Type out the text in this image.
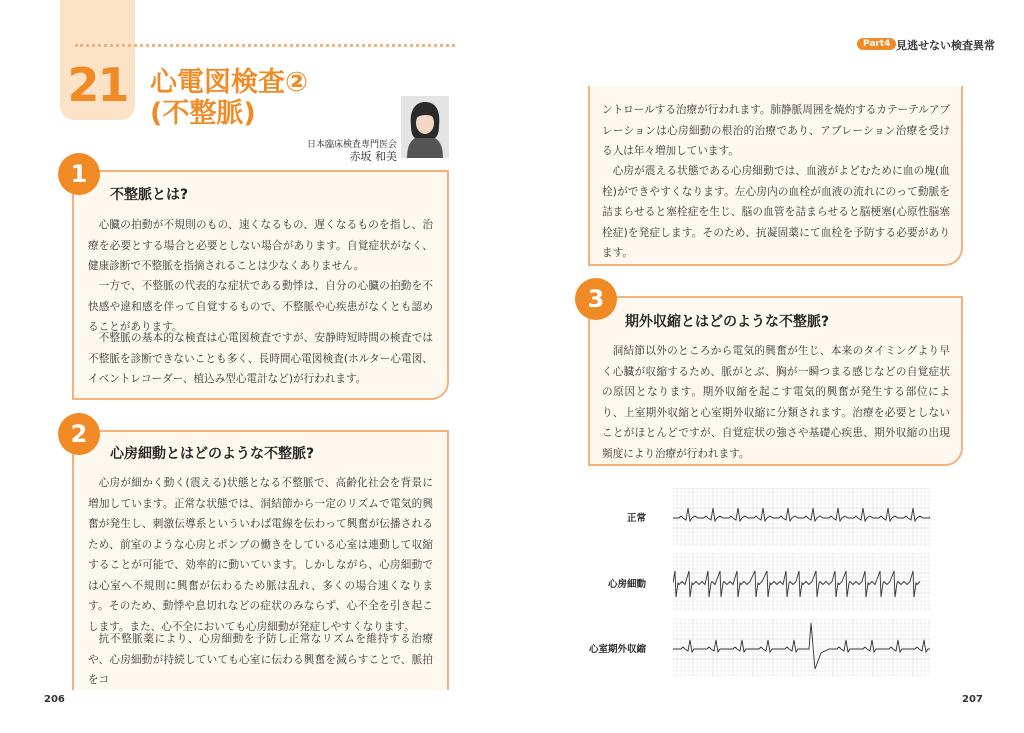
21 心電図検査②
(不整脈)
日本臨床検査専門医会
赤坂 和美
1
不整脈とは?
心臓の拍動が不規則のもの、速くなるもの、遅くなるものを指し、治療を必要とする場合と必要としない場合があります。自覚症状がなく、健康診断で不整脈を指摘されることは少なくありません。
一方で、不整脈の代表的な症状である動悸は、自分の心臓の拍動を不快感や違和感を伴って自覚するもので、不整脈や心疾患がなくとも認めることがあります。
不整脈の基本的な検査は心電図検査ですが、安静時短時間の検査では不整脈を診断できないことも多く、長時間心電図検査(ホルター心電図、イベントレコーダー、植込み型心電計など)が行われます。
2
心房細動とはどのような不整脈?
心房が細かく動く(震える)状態となる不整脈で、高齢化社会を背景に増加しています。正常な状態では、洞結節から一定のリズムで電気的興奮が発生し、刺激伝導系といういわば電線を伝わって興奮が伝播されるため、前室のような心房とポンプの働きをしている心室は連動して収縮することが可能で、効率的に動いています。しかしながら、心房細動では心室へ不規則に興奮が伝わるため脈は乱れ、多くの場合速くなります。そのため、動悸や息切れなどの症状のみならず、心不全を引き起こします。また、心不全においても心房細動が発症しやすくなります。
抗不整脈薬により、心房細動を予防し正常なリズムを維持する治療や、心房細動が持続していても心室に伝わる興奮を減らすことで、脈拍をコ
206
Part4 見逃せない検査異常
ントロールする治療が行われます。肺静脈周囲を焼灼するカテーテルアブレーションは心房細動の根治的治療であり、アブレーション治療を受ける人は年々増加しています。
心房が震える状態である心房細動では、血液がよどむために血の塊(血栓)ができやすくなります。左心房内の血栓が血液の流れにのって動脈を詰まらせると塞栓症を生じ、脳の血管を詰まらせると脳梗塞(心原性脳塞栓症)を発症します。そのため、抗凝固薬にて血栓を予防する必要があります。
3
期外収縮とはどのような不整脈?
洞結節以外のところから電気的興奮が生じ、本来のタイミングより早く心臓が収縮するため、脈がとぶ、胸が一瞬つまる感じなどの自覚症状の原因となります。期外収縮を起こす電気的興奮が発生する部位により、上室期外収縮と心室期外収縮に分類されます。治療を必要としないことがほとんどですが、自覚症状の強さや基礎心疾患、期外収縮の出現頻度により治療が行われます。
正常
心房細動
心室期外収縮
207
